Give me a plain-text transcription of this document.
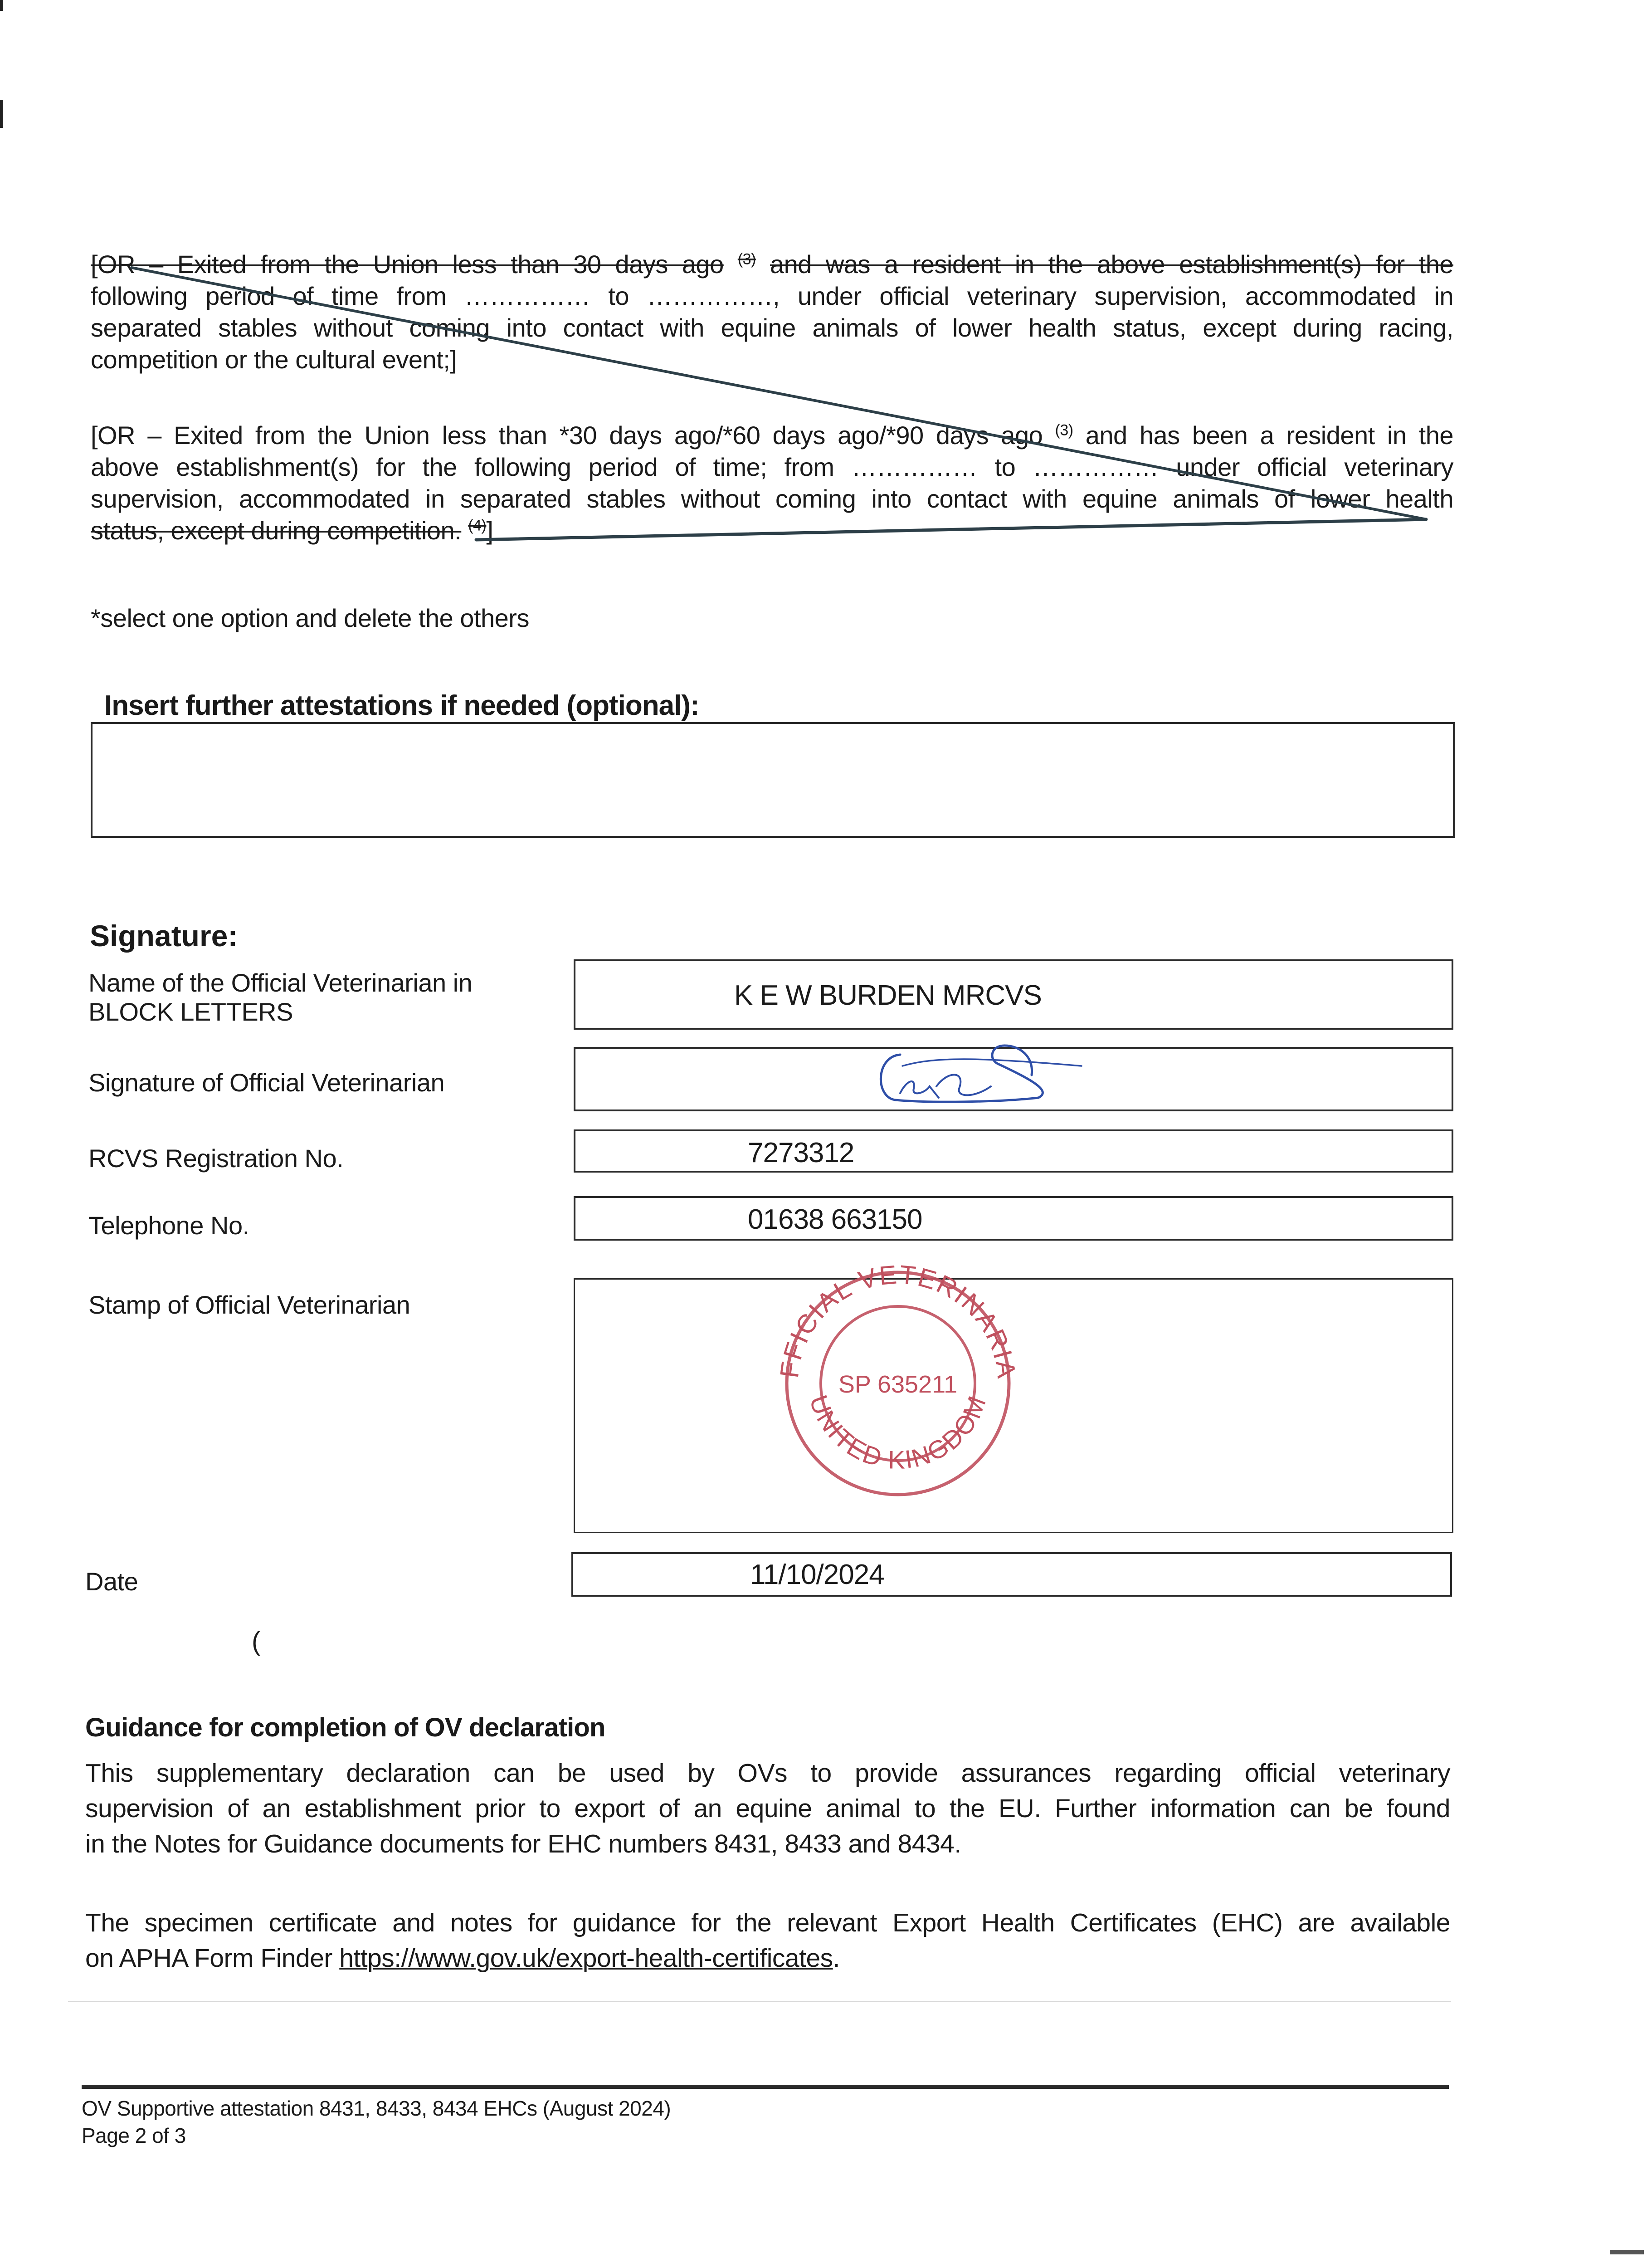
[OR – Exited from the Union less than 30 days ago $^{(3)}$ and was a resident in the above establishment(s) for the
following period of time from …………… to ……………, under official veterinary supervision, accommodated in
separated stables without coming into contact with equine animals of lower health status, except during racing,
competition or the cultural event;]
[OR – Exited from the Union less than *30 days ago/*60 days ago/*90 days ago $^{(3)}$ and has been a resident in the
above establishment(s) for the following period of time; from …………… to …………… under official veterinary
supervision, accommodated in separated stables without coming into contact with equine animals of lower health
status, except during competition. $^{(4)}$]
*select one option and delete the others
Insert further attestations if needed (optional):
Signature:
Name of the Official Veterinarian in
BLOCK LETTERS
K E W BURDEN MRCVS
Signature of Official Veterinarian
RCVS Registration No.	7273312
Telephone No.	01638 663150
Stamp of Official Veterinarian
OFFICIAL VETERINARIAN
UNITED KINGDOM
SP 635211
Date	11/10/2024
(
Guidance for completion of OV declaration
This supplementary declaration can be used by OVs to provide assurances regarding official veterinary
supervision of an establishment prior to export of an equine animal to the EU. Further information can be found
in the Notes for Guidance documents for EHC numbers 8431, 8433 and 8434.
The specimen certificate and notes for guidance for the relevant Export Health Certificates (EHC) are available
on APHA Form Finder https://www.gov.uk/export-health-certificates.
OV Supportive attestation 8431, 8433, 8434 EHCs (August 2024)
Page 2 of 3
